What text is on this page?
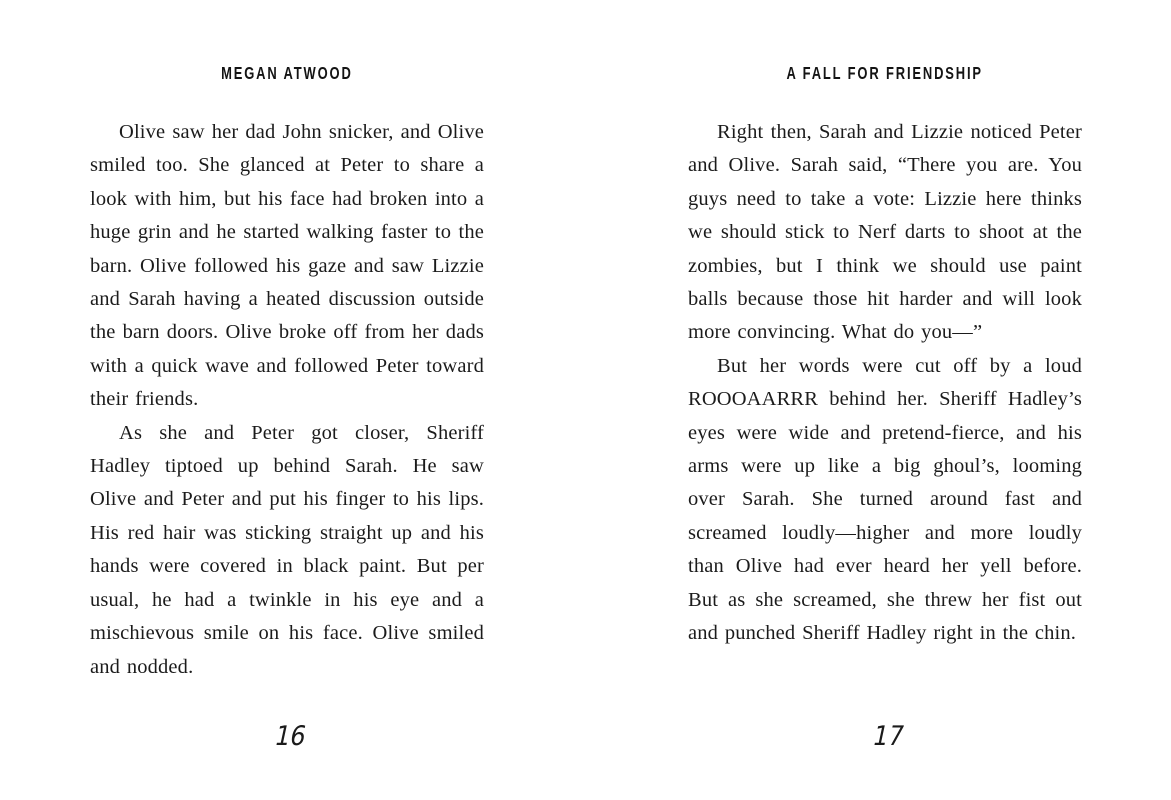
MEGAN ATWOOD

Olive saw her dad John snicker, and Olive smiled too. She glanced at Peter to share a look with him, but his face had broken into a huge grin and he started walking faster to the barn. Olive followed his gaze and saw Lizzie and Sarah having a heated discussion outside the barn doors. Olive broke off from her dads with a quick wave and followed Peter toward their friends.

As she and Peter got closer, Sheriff Hadley tiptoed up behind Sarah. He saw Olive and Peter and put his finger to his lips. His red hair was sticking straight up and his hands were covered in black paint. But per usual, he had a twinkle in his eye and a mischievous smile on his face. Olive smiled and nodded.

16
A FALL FOR FRIENDSHIP

Right then, Sarah and Lizzie noticed Peter and Olive. Sarah said, “There you are. You guys need to take a vote: Lizzie here thinks we should stick to Nerf darts to shoot at the zombies, but I think we should use paint balls because those hit harder and will look more convincing. What do you—”

But her words were cut off by a loud ROOOAARRR behind her. Sheriff Hadley’s eyes were wide and pretend-fierce, and his arms were up like a big ghoul’s, looming over Sarah. She turned around fast and screamed loudly—higher and more loudly than Olive had ever heard her yell before. But as she screamed, she threw her fist out and punched Sheriff Hadley right in the chin.

17
